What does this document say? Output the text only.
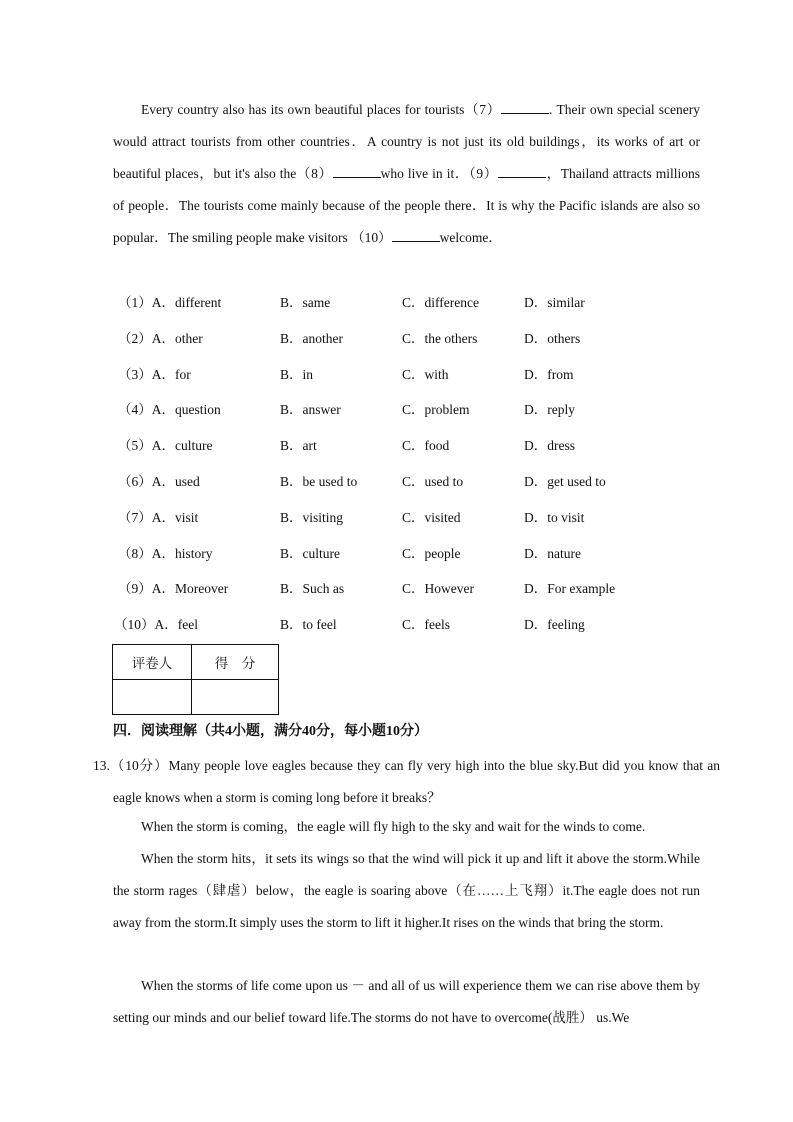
Every country also has its own beautiful places for tourists（7）	. Their own special scenery would attract tourists from other countries．A country is not just its old buildings，its works of art or beautiful places，but it's also the（8）	who live in it．（9）	，Thailand attracts millions of people．The tourists come mainly because of the people there．It is why the Pacific islands are also so popular．The smiling people make visitors （10）	welcome．

（1）A．different	B．same	C．difference	D．similar
（2）A．other	B．another	C．the others	D．others
（3）A．for	B．in	C．with	D．from
（4）A．question	B．answer	C．problem	D．reply
（5）A．culture	B．art	C．food	D．dress
（6）A．used	B．be used to	C．used to	D．get used to
（7）A．visit	B．visiting	C．visited	D．to visit
（8）A．history	B．culture	C．people	D．nature
（9）A．Moreover	B．Such as	C．However	D．For example
（10）A．feel	B．to feel	C．feels	D．feeling
评卷人	得　分

四．阅读理解（共4小题，满分40分，每小题10分）

13.（10分）Many people love eagles because they can fly very high into the blue sky.But did you know that an eagle knows when a storm is coming long before it breaks？

When the storm is coming，the eagle will fly high to the sky and wait for the winds to come.

When the storm hits，it sets its wings so that the wind will pick it up and lift it above the storm.While the storm rages（肆虐）below，the eagle is soaring above（在……上飞翔）it.The eagle does not run away from the storm.It simply uses the storm to lift it higher.It rises on the winds that bring the storm.

When the storms of life come upon us － and all of us will experience them we can rise above them by setting our minds and our belief toward life.The storms do not have to overcome(战胜） us.We
